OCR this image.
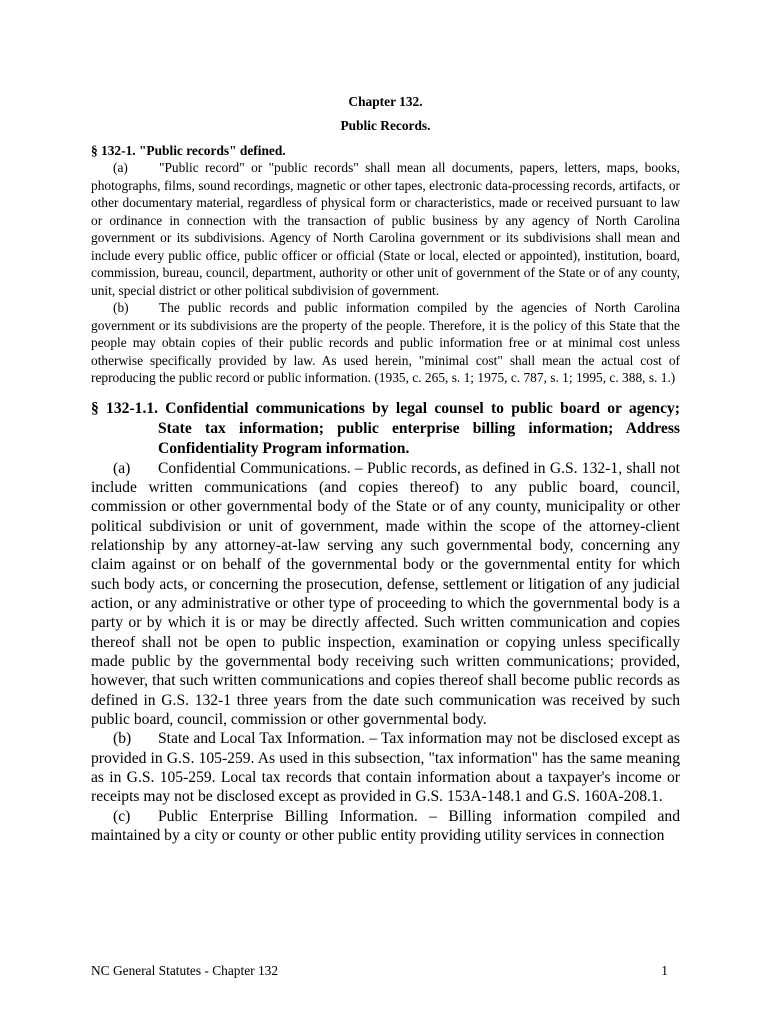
Chapter 132.

Public Records.

§ 132-1. "Public records" defined.

(a) "Public record" or "public records" shall mean all documents, papers, letters, maps, books, photographs, films, sound recordings, magnetic or other tapes, electronic data-processing records, artifacts, or other documentary material, regardless of physical form or characteristics, made or received pursuant to law or ordinance in connection with the transaction of public business by any agency of North Carolina government or its subdivisions. Agency of North Carolina government or its subdivisions shall mean and include every public office, public officer or official (State or local, elected or appointed), institution, board, commission, bureau, council, department, authority or other unit of government of the State or of any county, unit, special district or other political subdivision of government.

(b) The public records and public information compiled by the agencies of North Carolina government or its subdivisions are the property of the people. Therefore, it is the policy of this State that the people may obtain copies of their public records and public information free or at minimal cost unless otherwise specifically provided by law. As used herein, "minimal cost" shall mean the actual cost of reproducing the public record or public information. (1935, c. 265, s. 1; 1975, c. 787, s. 1; 1995, c. 388, s. 1.)

§ 132-1.1. Confidential communications by legal counsel to public board or agency; State tax information; public enterprise billing information; Address Confidentiality Program information.

(a) Confidential Communications. – Public records, as defined in G.S. 132-1, shall not include written communications (and copies thereof) to any public board, council, commission or other governmental body of the State or of any county, municipality or other political subdivision or unit of government, made within the scope of the attorney-client relationship by any attorney-at-law serving any such governmental body, concerning any claim against or on behalf of the governmental body or the governmental entity for which such body acts, or concerning the prosecution, defense, settlement or litigation of any judicial action, or any administrative or other type of proceeding to which the governmental body is a party or by which it is or may be directly affected. Such written communication and copies thereof shall not be open to public inspection, examination or copying unless specifically made public by the governmental body receiving such written communications; provided, however, that such written communications and copies thereof shall become public records as defined in G.S. 132-1 three years from the date such communication was received by such public board, council, commission or other governmental body.

(b) State and Local Tax Information. – Tax information may not be disclosed except as provided in G.S. 105-259. As used in this subsection, "tax information" has the same meaning as in G.S. 105-259. Local tax records that contain information about a taxpayer's income or receipts may not be disclosed except as provided in G.S. 153A-148.1 and G.S. 160A-208.1.

(c) Public Enterprise Billing Information. – Billing information compiled and maintained by a city or county or other public entity providing utility services in connection

NC General Statutes - Chapter 132	1
